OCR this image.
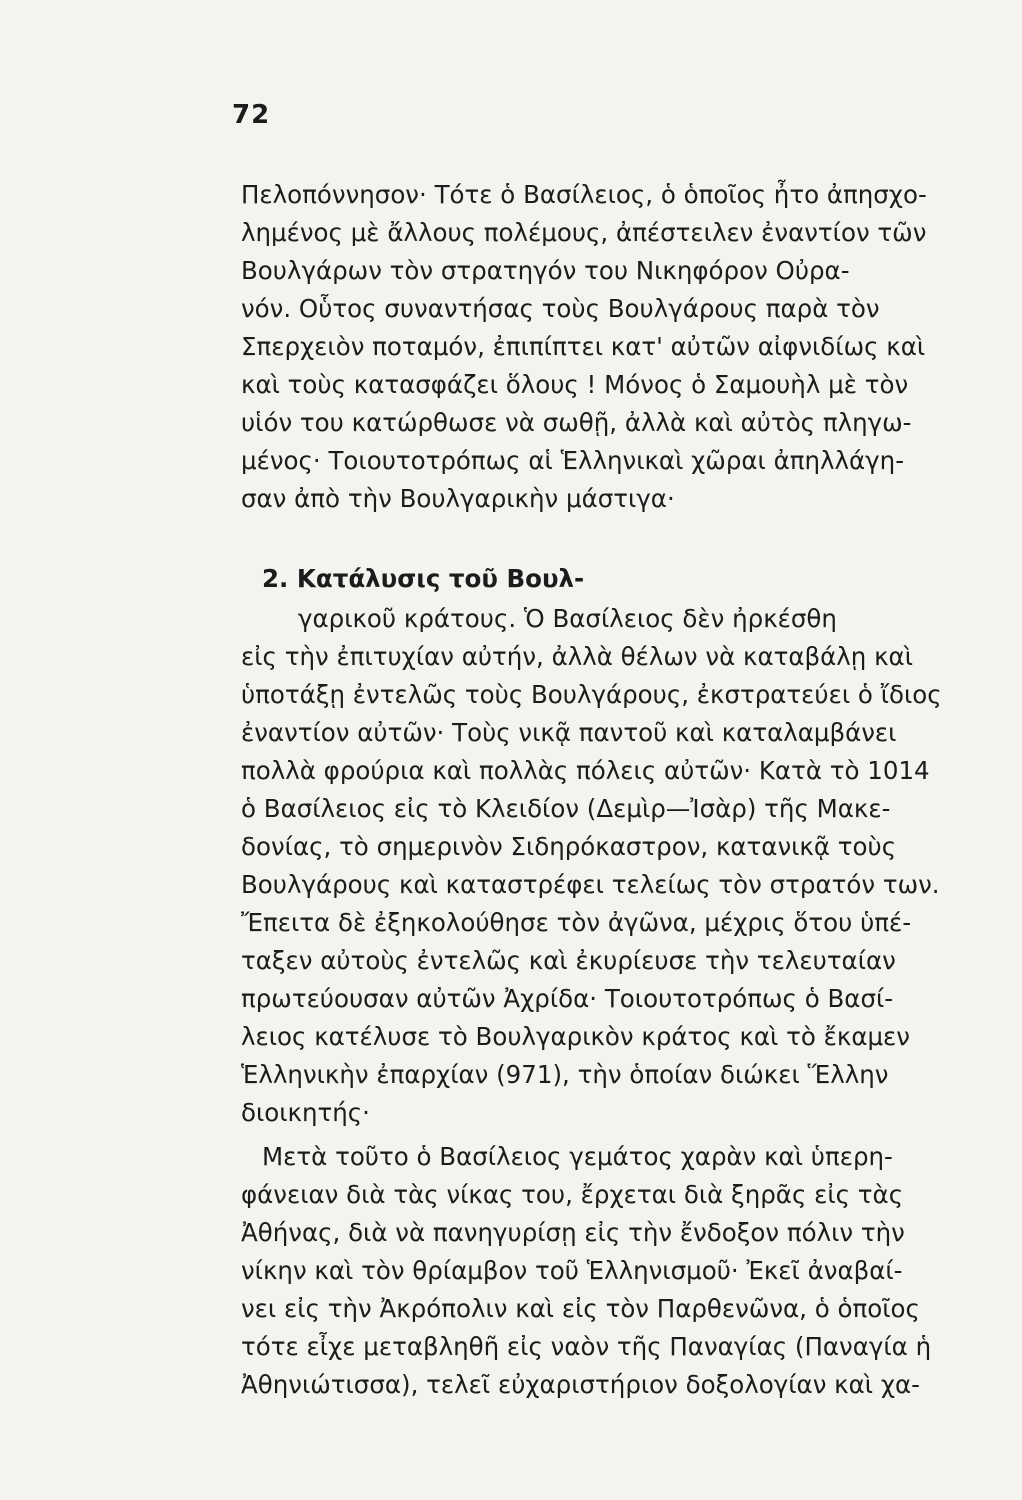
72
Πελοπόννησον· Τότε ὁ Βασίλειος, ὁ ὁποῖος ἦτο ἀπησχο-
λημένος μὲ ἄλλους πολέμους, ἀπέστειλεν ἐναντίον τῶν
Βουλγάρων τὸν στρατηγόν του Νικηφόρον Οὐρα-
νόν. Οὗτος συναντήσας τοὺς Βουλγάρους παρὰ τὸν
Σπερχειὸν ποταμόν, ἐπιπίπτει κατ' αὐτῶν αἰφνιδίως καὶ
καὶ τοὺς κατασφάζει ὅλους ! Μόνος ὁ Σαμουὴλ μὲ τὸν
υἱόν του κατώρθωσε νὰ σωθῇ, ἀλλὰ καὶ αὐτὸς πληγω-
μένος· Τοιουτοτρόπως αἱ Ἑλληνικαὶ χῶραι ἀπηλλάγη-
σαν ἀπὸ τὴν Βουλγαρικὴν μάστιγα·
2. Κατάλυσις τοῦ Βουλ-
γαρικοῦ κράτους. Ὁ Βασίλειος δὲν ἠρκέσθη
εἰς τὴν ἐπιτυχίαν αὐτήν, ἀλλὰ θέλων νὰ καταβάλῃ καὶ
ὑποτάξῃ ἐντελῶς τοὺς Βουλγάρους, ἐκστρατεύει ὁ ἴδιος
ἐναντίον αὐτῶν· Τοὺς νικᾷ παντοῦ καὶ καταλαμβάνει
πολλὰ φρούρια καὶ πολλὰς πόλεις αὐτῶν· Κατὰ τὸ 1014
ὁ Βασίλειος εἰς τὸ Κλειδίον (Δεμὶρ—Ἰσὰρ) τῆς Μακε-
δονίας, τὸ σημερινὸν Σιδηρόκαστρον, κατανικᾷ τοὺς
Βουλγάρους καὶ καταστρέφει τελείως τὸν στρατόν των.
Ἔπειτα δὲ ἐξηκολούθησε τὸν ἀγῶνα, μέχρις ὅτου ὑπέ-
ταξεν αὐτοὺς ἐντελῶς καὶ ἐκυρίευσε τὴν τελευταίαν
πρωτεύουσαν αὐτῶν Ἀχρίδα· Τοιουτοτρόπως ὁ Βασί-
λειος κατέλυσε τὸ Βουλγαρικὸν κράτος καὶ τὸ ἔκαμεν
Ἑλληνικὴν ἐπαρχίαν (971), τὴν ὁποίαν διώκει Ἕλλην
διοικητής·
Μετὰ τοῦτο ὁ Βασίλειος γεμάτος χαρὰν καὶ ὑπερη-
φάνειαν διὰ τὰς νίκας του, ἔρχεται διὰ ξηρᾶς εἰς τὰς
Ἀθήνας, διὰ νὰ πανηγυρίσῃ εἰς τὴν ἔνδοξον πόλιν τὴν
νίκην καὶ τὸν θρίαμβον τοῦ Ἑλληνισμοῦ· Ἐκεῖ ἀναβαί-
νει εἰς τὴν Ἀκρόπολιν καὶ εἰς τὸν Παρθενῶνα, ὁ ὁποῖος
τότε εἶχε μεταβληθῆ εἰς ναὸν τῆς Παναγίας (Παναγία ἡ
Ἀθηνιώτισσα), τελεῖ εὐχαριστήριον δοξολογίαν καὶ χα-
